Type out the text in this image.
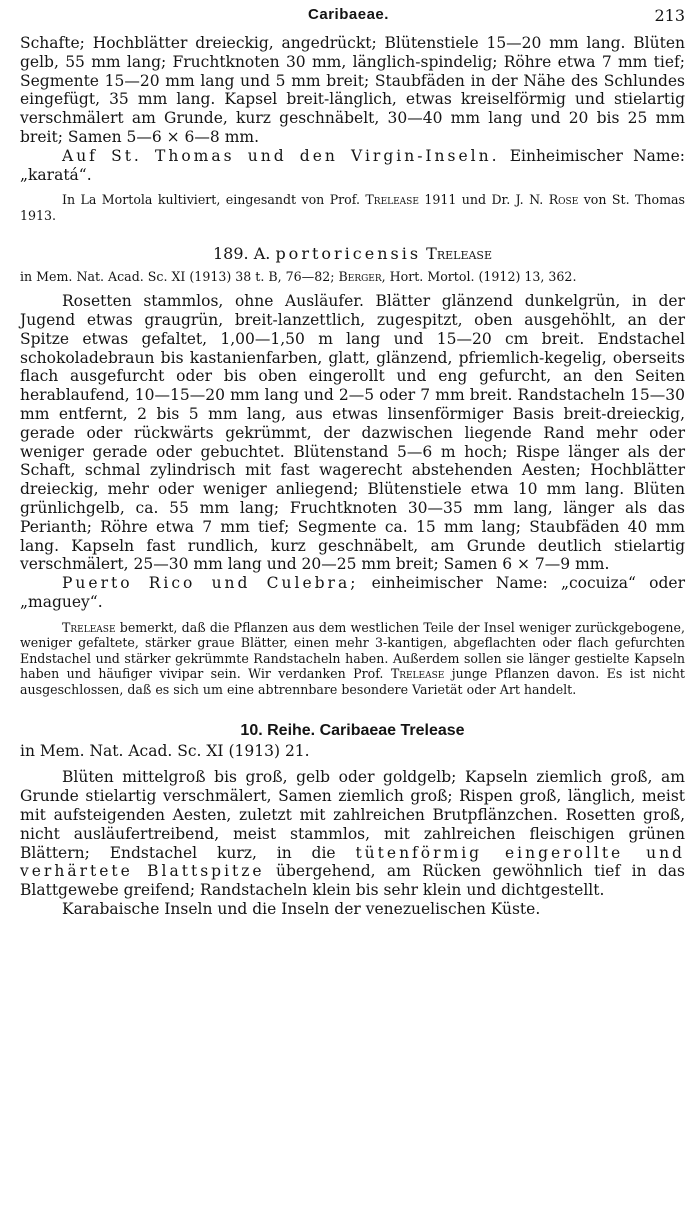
Caribaeae.	213

Schafte; Hochblätter dreieckig, angedrückt; Blütenstiele 15—20 mm lang. Blüten gelb, 55 mm lang; Fruchtknoten 30 mm, länglich-spindelig; Röhre etwa 7 mm tief; Segmente 15—20 mm lang und 5 mm breit; Staubfäden in der Nähe des Schlundes eingefügt, 35 mm lang. Kapsel breit-länglich, etwas kreiselförmig und stielartig verschmälert am Grunde, kurz geschnäbelt, 30—40 mm lang und 20 bis 25 mm breit; Samen 5—6 × 6—8 mm.

Auf St. Thomas und den Virgin-Inseln. Einheimischer Name: „karatá“.

In La Mortola kultiviert, eingesandt von Prof. Trelease 1911 und Dr. J. N. Rose von St. Thomas 1913.

189. A. portoricensis Trelease

in Mem. Nat. Acad. Sc. XI (1913) 38 t. B, 76—82; Berger, Hort. Mortol. (1912) 13, 362.

Rosetten stammlos, ohne Ausläufer. Blätter glänzend dunkelgrün, in der Jugend etwas graugrün, breit-lanzettlich, zugespitzt, oben ausgehöhlt, an der Spitze etwas gefaltet, 1,00—1,50 m lang und 15—20 cm breit. Endstachel schokoladebraun bis kastanienfarben, glatt, glänzend, pfriemlich-kegelig, oberseits flach ausgefurcht oder bis oben eingerollt und eng gefurcht, an den Seiten herablaufend, 10—15—20 mm lang und 2—5 oder 7 mm breit. Randstacheln 15—30 mm entfernt, 2 bis 5 mm lang, aus etwas linsenförmiger Basis breit-dreieckig, gerade oder rückwärts gekrümmt, der dazwischen liegende Rand mehr oder weniger gerade oder gebuchtet. Blütenstand 5—6 m hoch; Rispe länger als der Schaft, schmal zylindrisch mit fast wagerecht abstehenden Aesten; Hochblätter dreieckig, mehr oder weniger anliegend; Blütenstiele etwa 10 mm lang. Blüten grünlichgelb, ca. 55 mm lang; Fruchtknoten 30—35 mm lang, länger als das Perianth; Röhre etwa 7 mm tief; Segmente ca. 15 mm lang; Staubfäden 40 mm lang. Kapseln fast rundlich, kurz geschnäbelt, am Grunde deutlich stielartig verschmälert, 25—30 mm lang und 20—25 mm breit; Samen 6 × 7—9 mm.

Puerto Rico und Culebra; einheimischer Name: „cocuiza“ oder „maguey“.

Trelease bemerkt, daß die Pflanzen aus dem westlichen Teile der Insel weniger zurückgebogene, weniger gefaltete, stärker graue Blätter, einen mehr 3-kantigen, abgeflachten oder flach gefurchten Endstachel und stärker gekrümmte Randstacheln haben. Außerdem sollen sie länger gestielte Kapseln haben und häufiger vivipar sein. Wir verdanken Prof. Trelease junge Pflanzen davon. Es ist nicht ausgeschlossen, daß es sich um eine abtrennbare besondere Varietät oder Art handelt.

10. Reihe. Caribaeae Trelease

in Mem. Nat. Acad. Sc. XI (1913) 21.

Blüten mittelgroß bis groß, gelb oder goldgelb; Kapseln ziemlich groß, am Grunde stielartig verschmälert, Samen ziemlich groß; Rispen groß, länglich, meist mit aufsteigenden Aesten, zuletzt mit zahlreichen Brutpflänzchen. Rosetten groß, nicht ausläufertreibend, meist stammlos, mit zahlreichen fleischigen grünen Blättern; Endstachel kurz, in die tütenförmig eingerollte und verhärtete Blattspitze übergehend, am Rücken gewöhnlich tief in das Blattgewebe greifend; Randstacheln klein bis sehr klein und dichtgestellt.

Karabaische Inseln und die Inseln der venezuelischen Küste.
